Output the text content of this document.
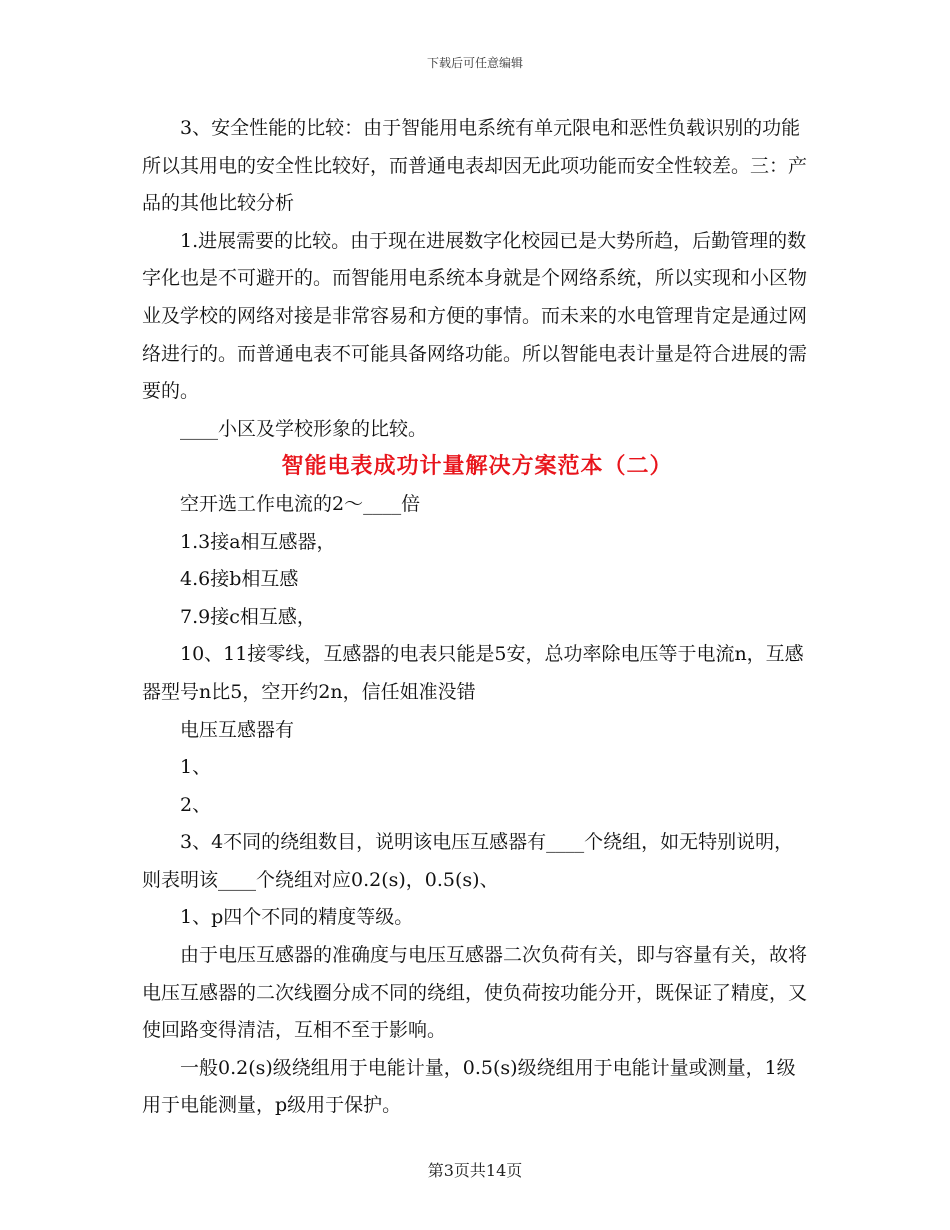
下载后可任意编辑

3、安全性能的比较：由于智能用电系统有单元限电和恶性负载识别的功能所以其用电的安全性比较好，而普通电表却因无此项功能而安全性较差。三：产品的其他比较分析

1.进展需要的比较。由于现在进展数字化校园已是大势所趋，后勤管理的数字化也是不可避开的。而智能用电系统本身就是个网络系统，所以实现和小区物业及学校的网络对接是非常容易和方便的事情。而未来的水电管理肯定是通过网络进行的。而普通电表不可能具备网络功能。所以智能电表计量是符合进展的需要的。

____小区及学校形象的比较。

智能电表成功计量解决方案范本（二）

空开选工作电流的2～____倍

1.3接a相互感器，

4.6接b相互感

7.9接c相互感，

10、11接零线，互感器的电表只能是5安，总功率除电压等于电流n，互感器型号n比5，空开约2n，信任姐准没错

电压互感器有

1、

2、

3、4不同的绕组数目，说明该电压互感器有____个绕组，如无特别说明，则表明该____个绕组对应0.2(s)，0.5(s)、

1、p四个不同的精度等级。

由于电压互感器的准确度与电压互感器二次负荷有关，即与容量有关，故将电压互感器的二次线圈分成不同的绕组，使负荷按功能分开，既保证了精度，又使回路变得清洁，互相不至于影响。

一般0.2(s)级绕组用于电能计量，0.5(s)级绕组用于电能计量或测量，1级用于电能测量，p级用于保护。

第3页共14页
